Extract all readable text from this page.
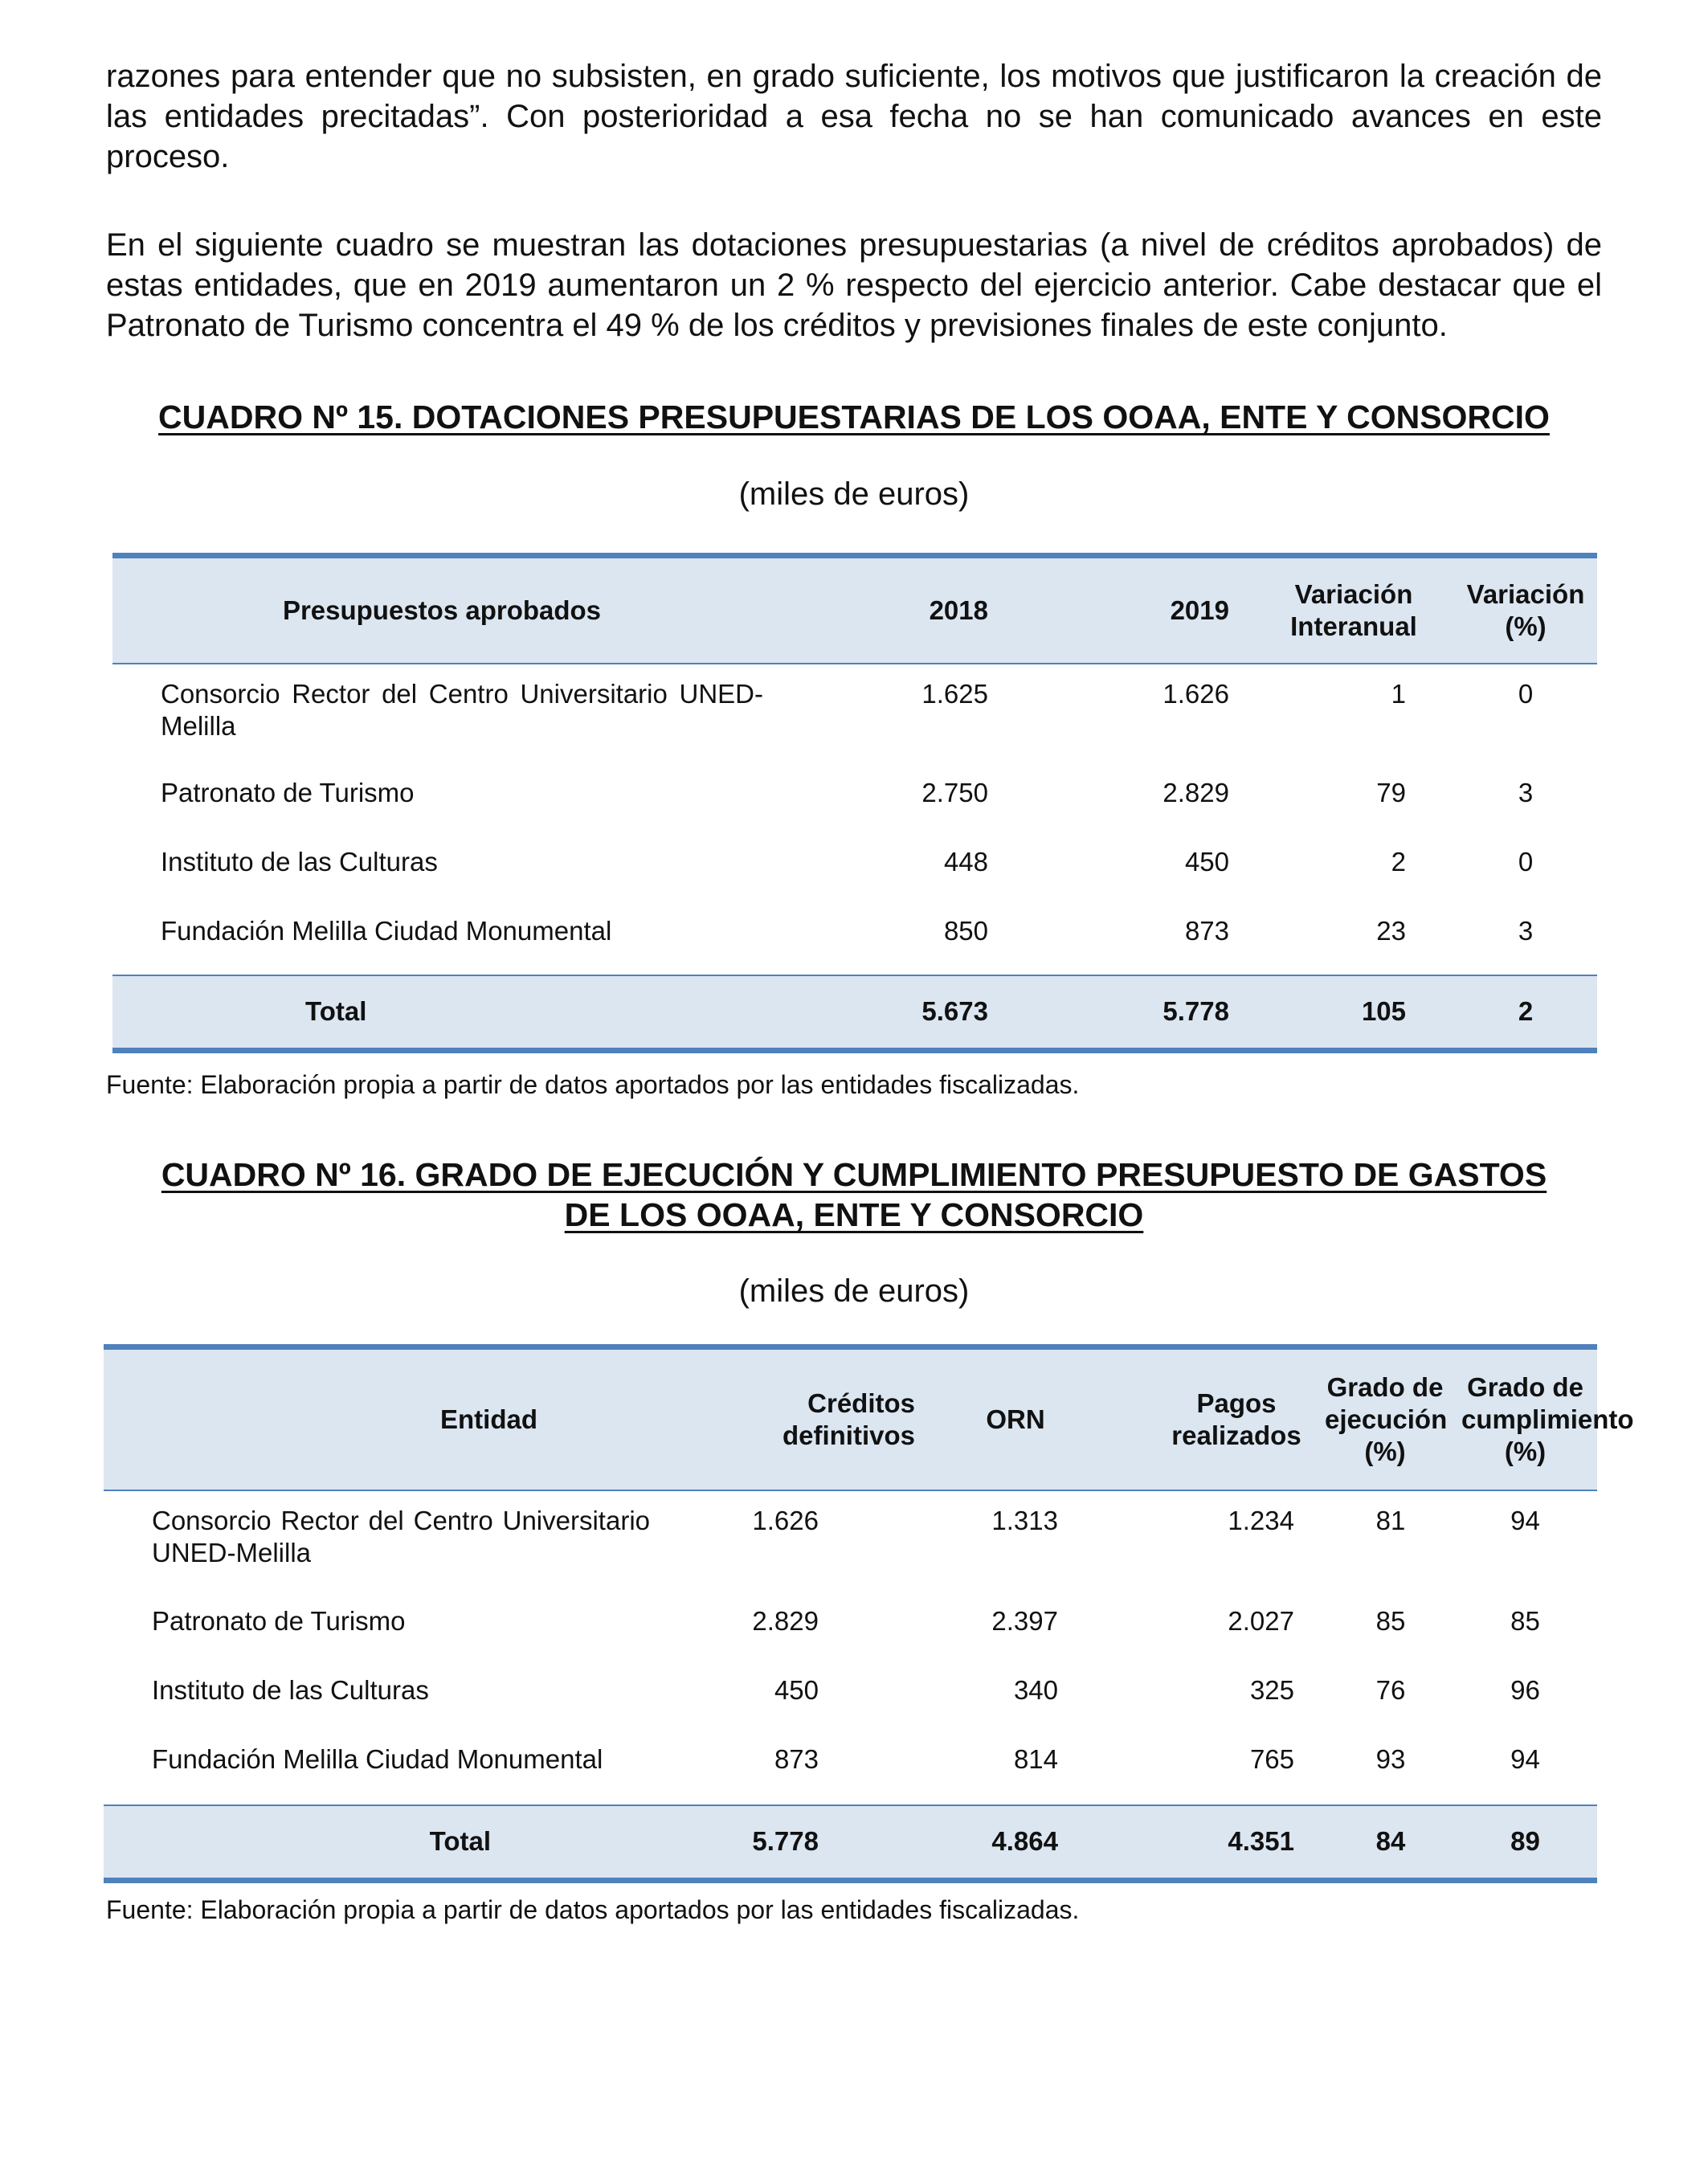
razones para entender que no subsisten, en grado suficiente, los motivos que justificaron la creación de las entidades precitadas”. Con posterioridad a esa fecha no se han comunicado avances en este proceso.

En el siguiente cuadro se muestran las dotaciones presupuestarias (a nivel de créditos aprobados) de estas entidades, que en 2019 aumentaron un 2 % respecto del ejercicio anterior. Cabe destacar que el Patronato de Turismo concentra el 49 % de los créditos y previsiones finales de este conjunto.

CUADRO Nº 15. DOTACIONES PRESUPUESTARIAS DE LOS OOAA, ENTE Y CONSORCIO
(miles de euros)
Presupuestos aprobados	2018	2019	Variación Interanual	Variación (%)
Consorcio Rector del Centro Universitario UNED-Melilla	1.625	1.626	1	0
Patronato de Turismo	2.750	2.829	79	3
Instituto de las Culturas	448	450	2	0
Fundación Melilla Ciudad Monumental	850	873	23	3
Total	5.673	5.778	105	2
Fuente: Elaboración propia a partir de datos aportados por las entidades fiscalizadas.
CUADRO Nº 16. GRADO DE EJECUCIÓN Y CUMPLIMIENTO PRESUPUESTO DE GASTOS
DE LOS OOAA, ENTE Y CONSORCIO
(miles de euros)
Entidad	Créditos definitivos	ORN	Pagos realizados	Grado de ejecución (%)	Grado de cumplimiento (%)
Consorcio Rector del Centro Universitario UNED-Melilla	1.626	1.313	1.234	81	94
Patronato de Turismo	2.829	2.397	2.027	85	85
Instituto de las Culturas	450	340	325	76	96
Fundación Melilla Ciudad Monumental	873	814	765	93	94
Total	5.778	4.864	4.351	84	89
Fuente: Elaboración propia a partir de datos aportados por las entidades fiscalizadas.
